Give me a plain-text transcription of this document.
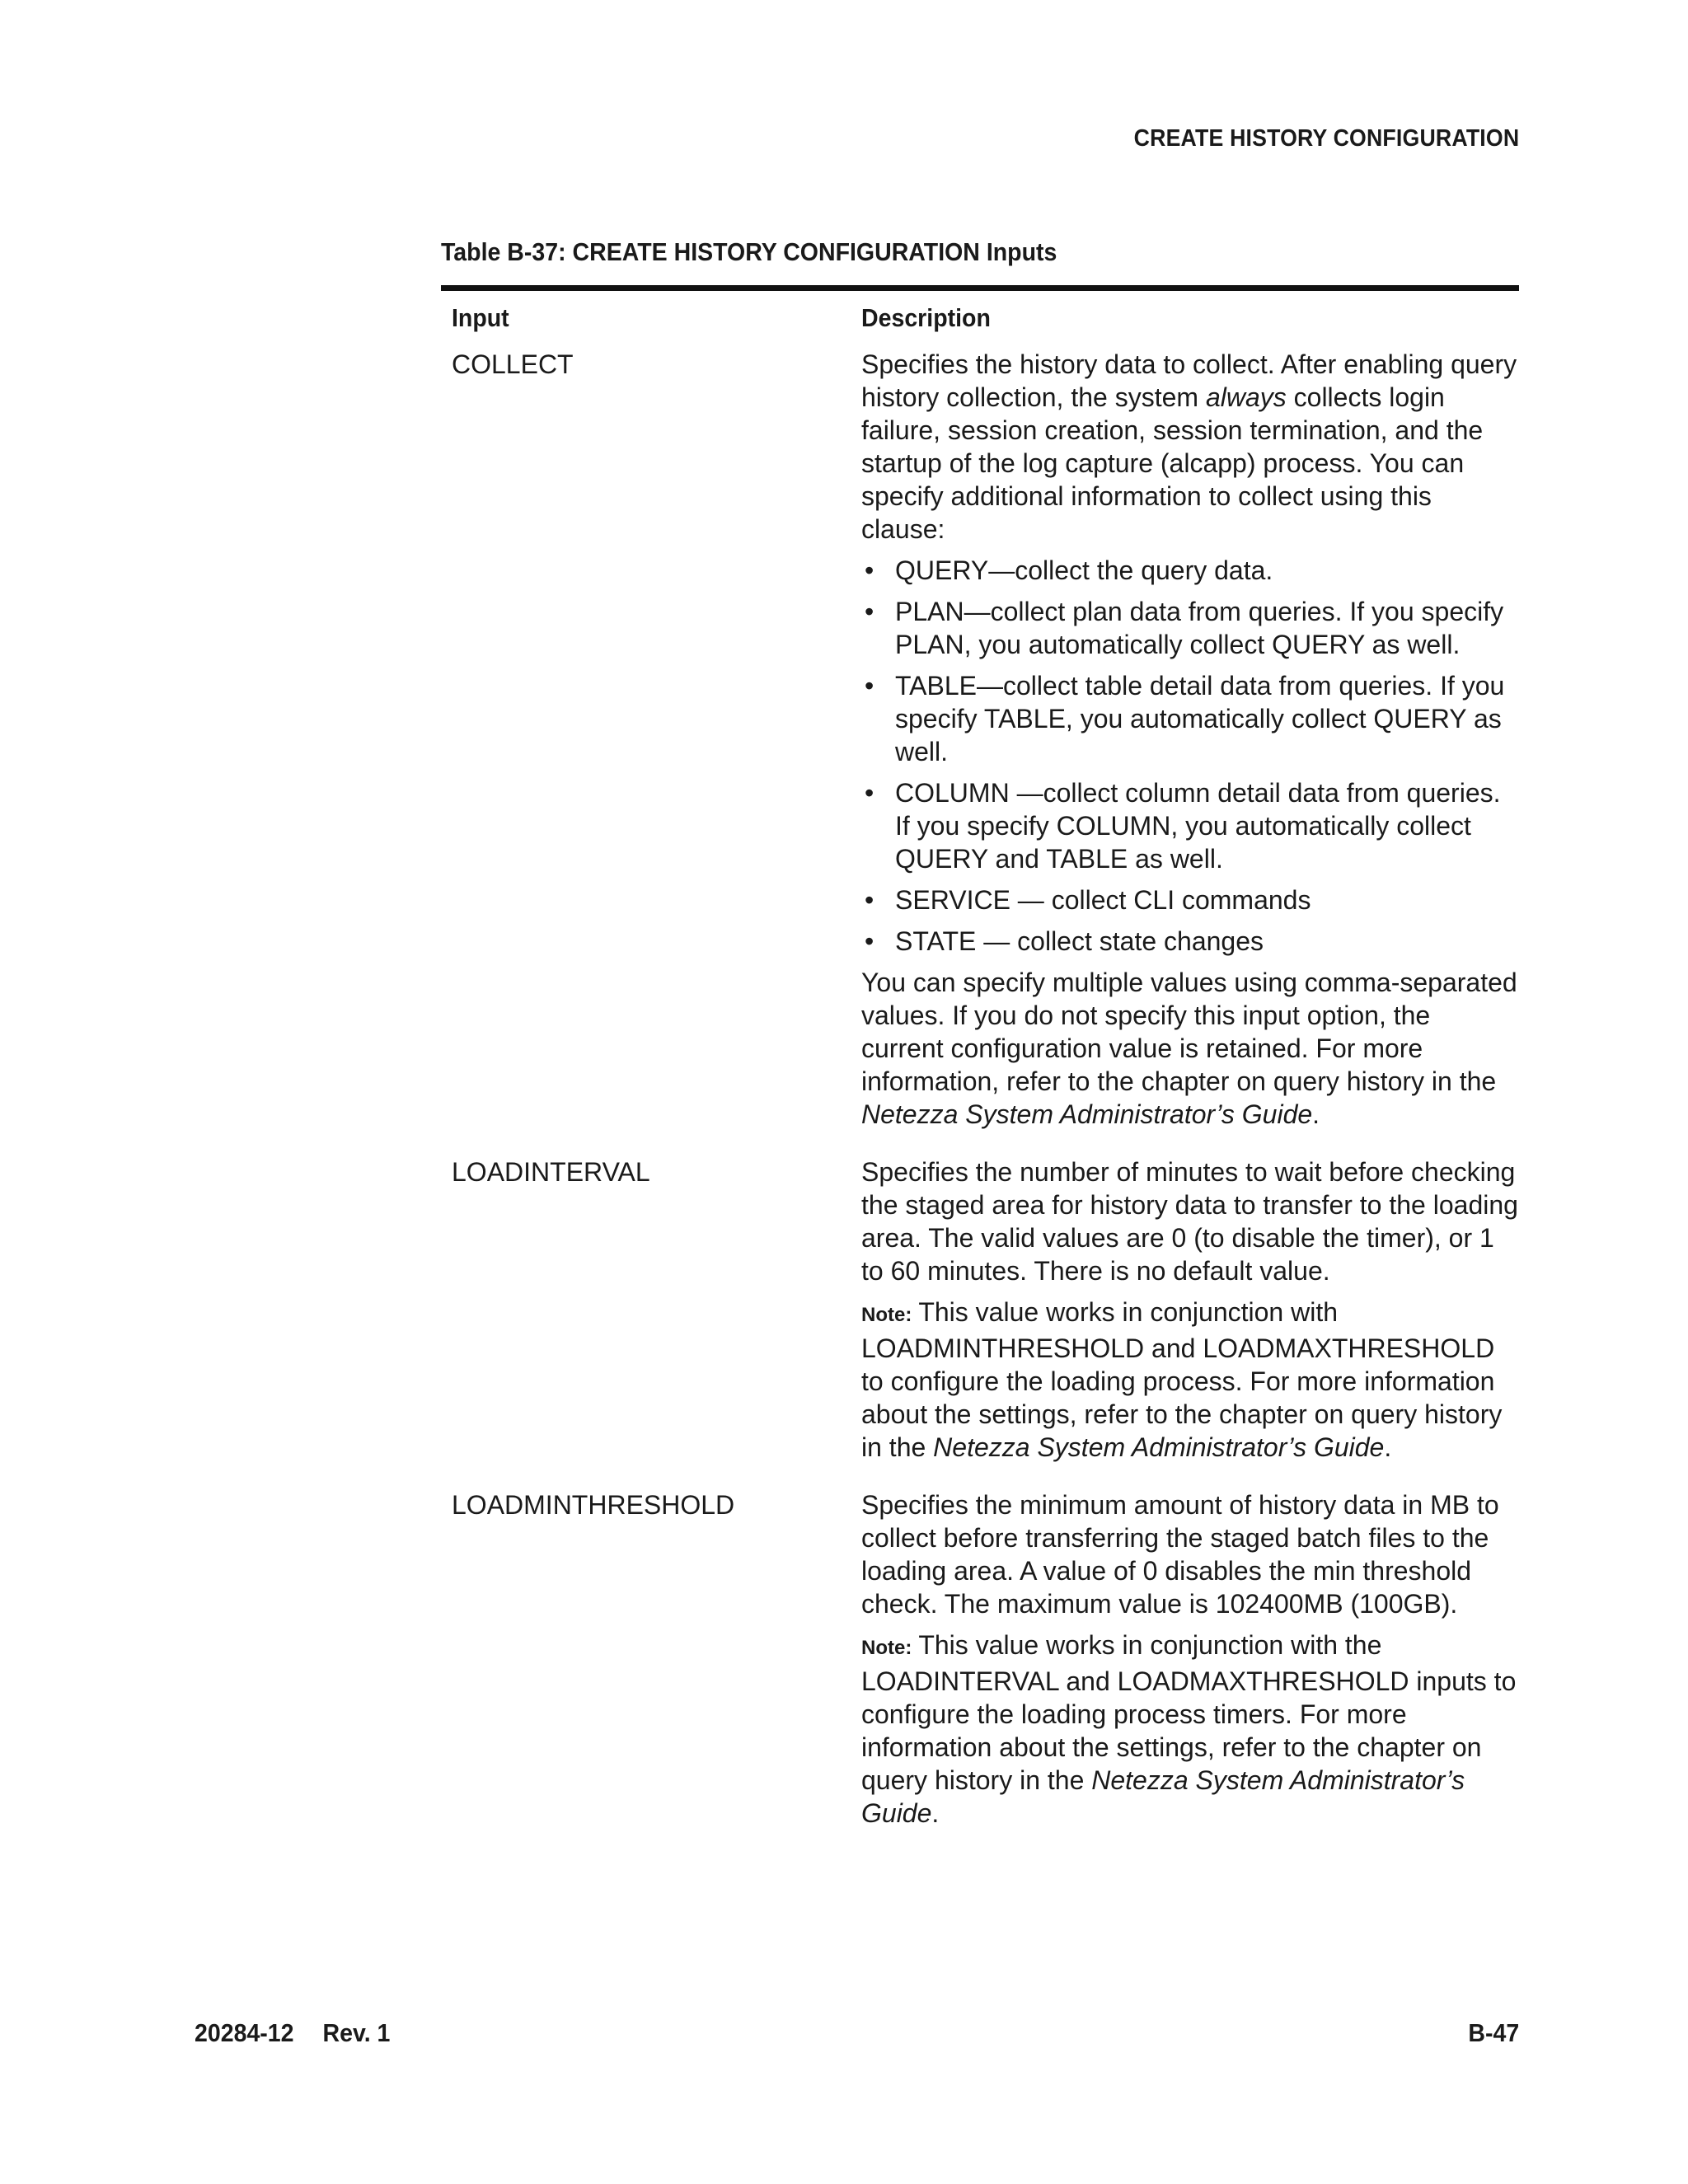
CREATE HISTORY CONFIGURATION
Table B-37: CREATE HISTORY CONFIGURATION Inputs
Input	Description
COLLECT	Specifies the history data to collect. After enabling query history collection, the system always collects login failure, session creation, session termination, and the startup of the log capture (alcapp) process. You can specify additional information to collect using this clause:

• QUERY—collect the query data.
• PLAN—collect plan data from queries. If you specify PLAN, you automatically collect QUERY as well.
• TABLE—collect table detail data from queries. If you specify TABLE, you automatically collect QUERY as well.
• COLUMN —collect column detail data from queries. If you specify COLUMN, you automatically collect QUERY and TABLE as well.
• SERVICE — collect CLI commands
• STATE — collect state changes

You can specify multiple values using comma-separated values. If you do not specify this input option, the current configuration value is retained. For more information, refer to the chapter on query history in the Netezza System Administrator’s Guide.

LOADINTERVAL	Specifies the number of minutes to wait before checking the staged area for history data to transfer to the loading area. The valid values are 0 (to disable the timer), or 1 to 60 minutes. There is no default value.

Note: This value works in conjunction with LOADMINTHRESHOLD and LOADMAXTHRESHOLD to configure the loading process. For more information about the settings, refer to the chapter on query history in the Netezza System Administrator’s Guide.

LOADMINTHRESHOLD	Specifies the minimum amount of history data in MB to collect before transferring the staged batch files to the loading area. A value of 0 disables the min threshold check. The maximum value is 102400MB (100GB).

Note: This value works in conjunction with the LOADINTERVAL and LOADMAXTHRESHOLD inputs to configure the loading process timers. For more information about the settings, refer to the chapter on query history in the Netezza System Administrator’s Guide.

20284-12 Rev. 1	B-47
